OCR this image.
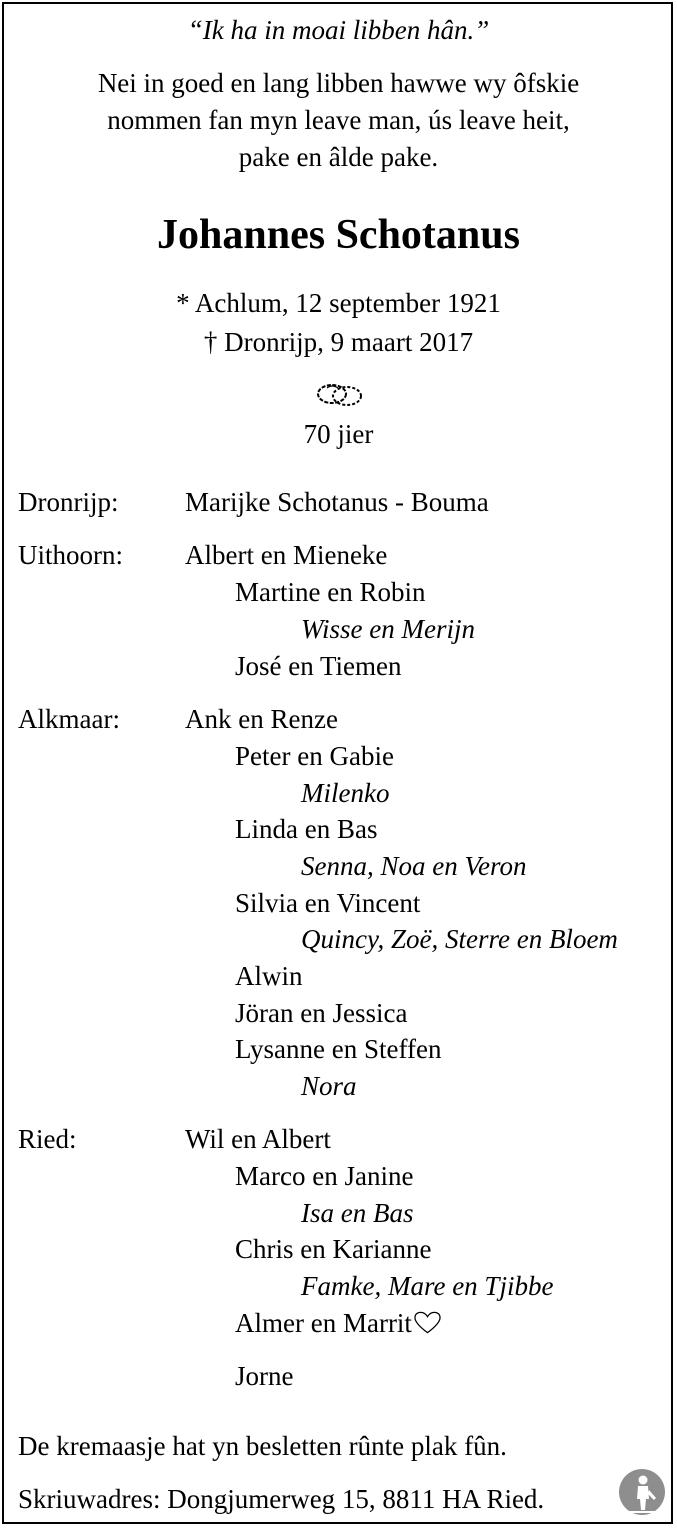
“Ik ha in moai libben hân.”

Nei in goed en lang libben hawwe wy ôfskie

nommen fan myn leave man, ús leave heit,

pake en âlde pake.

Johannes Schotanus

* Achlum, 12 september 1921

† Dronrijp, 9 maart 2017

70 jier

Dronrijp: Marijke Schotanus - Bouma

Uithoorn: Albert en Mieneke

Martine en Robin

Wisse en Merijn

José en Tiemen

Alkmaar: Ank en Renze

Peter en Gabie

Milenko

Linda en Bas

Senna, Noa en Veron

Silvia en Vincent

Quincy, Zoë, Sterre en Bloem

Alwin

Jöran en Jessica

Lysanne en Steffen

Nora

Ried:	Wil en Albert

Marco en Janine

Isa en Bas

Chris en Karianne

Famke, Mare en Tjibbe

Almer en Marrit

Jorne

De kremaasje hat yn besletten rûnte plak fûn.

Skriuwadres: Dongjumerweg 15, 8811 HA Ried.
